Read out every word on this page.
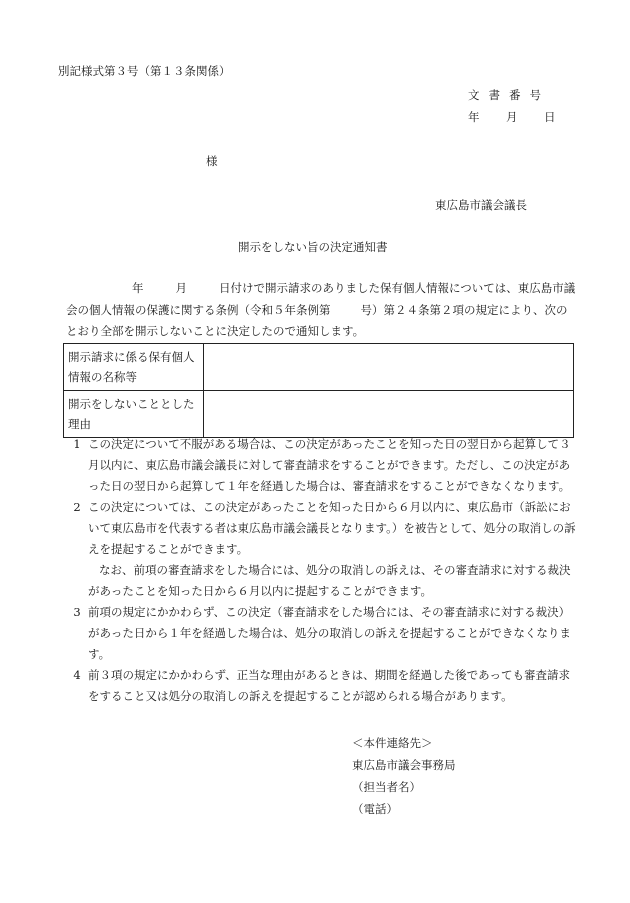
別記様式第３号（第１３条関係）
文書番号
年 月 日
様
東広島市議会議長
開示をしない旨の決定通知書
年	月	日付けで開示請求のありました保有個人情報については、東広島市議会の個人情報の保護に関する条例（令和５年条例第	号）第２４条第２項の規定により、次のとおり全部を開示しないことに決定したので通知します。
開示請求に係る保有個人情報の名称等	
開示をしないこととした理由	
1 この決定について不服がある場合は、この決定があったことを知った日の翌日から起算して３月以内に、東広島市議会議長に対して審査請求をすることができます。ただし、この決定があった日の翌日から起算して１年を経過した場合は、審査請求をすることができなくなります。

2 この決定については、この決定があったことを知った日から６月以内に、東広島市（訴訟において東広島市を代表する者は東広島市議会議長となります。）を被告として、処分の取消しの訴えを提起することができます。

なお、前項の審査請求をした場合には、処分の取消しの訴えは、その審査請求に対する裁決があったことを知った日から６月以内に提起することができます。

3 前項の規定にかかわらず、この決定（審査請求をした場合には、その審査請求に対する裁決）があった日から１年を経過した場合は、処分の取消しの訴えを提起することができなくなります。

4 前３項の規定にかかわらず、正当な理由があるときは、期間を経過した後であっても審査請求をすること又は処分の取消しの訴えを提起することが認められる場合があります。

＜本件連絡先＞
東広島市議会事務局
（担当者名）
（電話）
